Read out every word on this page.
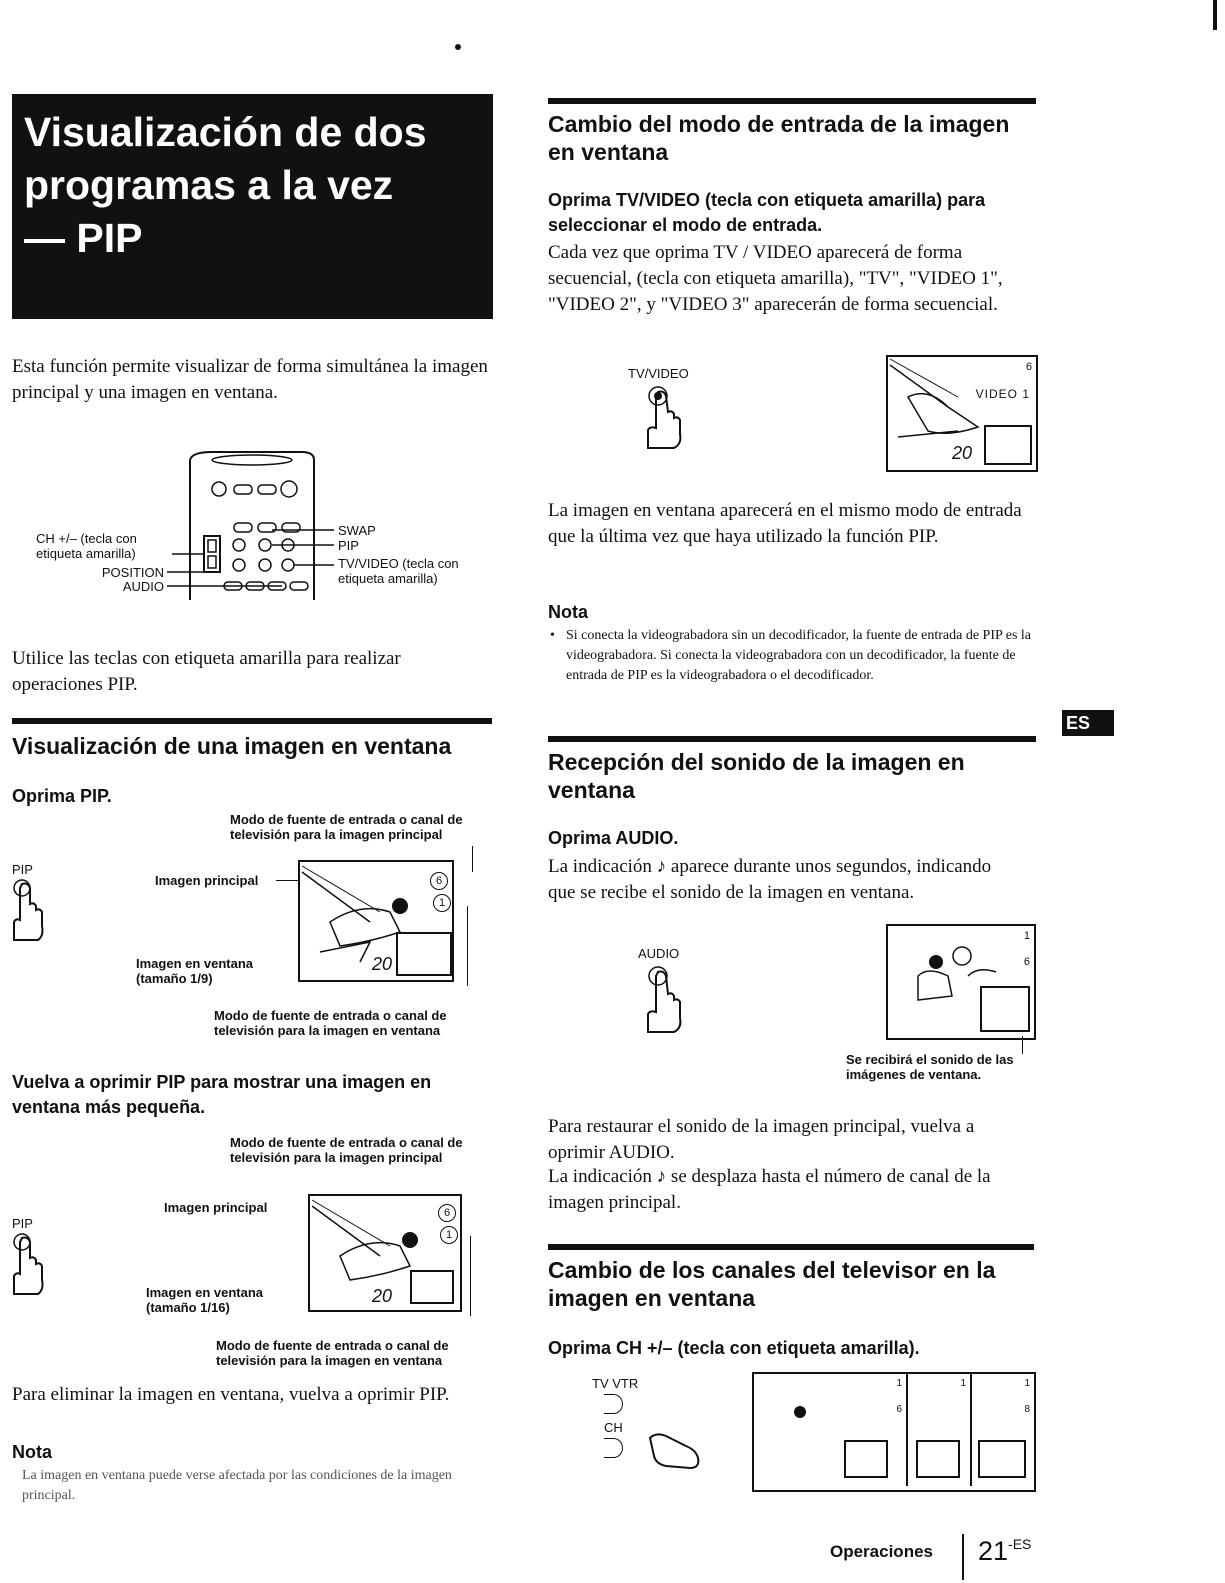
Visualización de dos
programas a la vez
— PIP
Esta función permite visualizar de forma simultánea la imagen principal y una imagen en ventana.
CH +/– (tecla con etiqueta amarilla)
POSITION
AUDIO
SWAP
PIP
TV/VIDEO (tecla con etiqueta amarilla)
Utilice las teclas con etiqueta amarilla para realizar operaciones PIP.
Visualización de una imagen en ventana
Oprima PIP.
Modo de fuente de entrada o canal de televisión para la imagen principal
PIP
Imagen principal	6
20
1
Imagen en ventana (tamaño 1/9)
Modo de fuente de entrada o canal de televisión para la imagen en ventana
Vuelva a oprimir PIP para mostrar una imagen en ventana más pequeña.
Modo de fuente de entrada o canal de televisión para la imagen principal
PIP
Imagen principal	6
20
1
Imagen en ventana (tamaño 1/16)
Modo de fuente de entrada o canal de televisión para la imagen en ventana
Para eliminar la imagen en ventana, vuelva a oprimir PIP.
Nota
La imagen en ventana puede verse afectada por las condiciones de la imagen principal.
Cambio del modo de entrada de la imagen en ventana
Oprima TV/VIDEO (tecla con etiqueta amarilla) para seleccionar el modo de entrada.
Cada vez que oprima TV / VIDEO aparecerá de forma secuencial, (tecla con etiqueta amarilla), "TV", "VIDEO 1", "VIDEO 2", y "VIDEO 3" aparecerán de forma secuencial.
TV/VIDEO	6
VIDEO 1
20
La imagen en ventana aparecerá en el mismo modo de entrada que la última vez que haya utilizado la función PIP.
Nota
• Si conecta la videograbadora sin un decodificador, la fuente de entrada de PIP es la videograbadora. Si conecta la videograbadora con un decodificador, la fuente de entrada de PIP es la videograbadora o el decodificador.
ES
Recepción del sonido de la imagen en ventana
Oprima AUDIO.
La indicación ♪ aparece durante unos segundos, indicando que se recibe el sonido de la imagen en ventana.
AUDIO
1
6
Se recibirá el sonido de las imágenes de ventana.
Para restaurar el sonido de la imagen principal, vuelva a oprimir AUDIO.
La indicación ♪ se desplaza hasta el número de canal de la imagen principal.
Cambio de los canales del televisor en la imagen en ventana
Oprima CH +/– (tecla con etiqueta amarilla).
TV VTR
CH
1
6
1	1
8
Operaciones 21-ES
